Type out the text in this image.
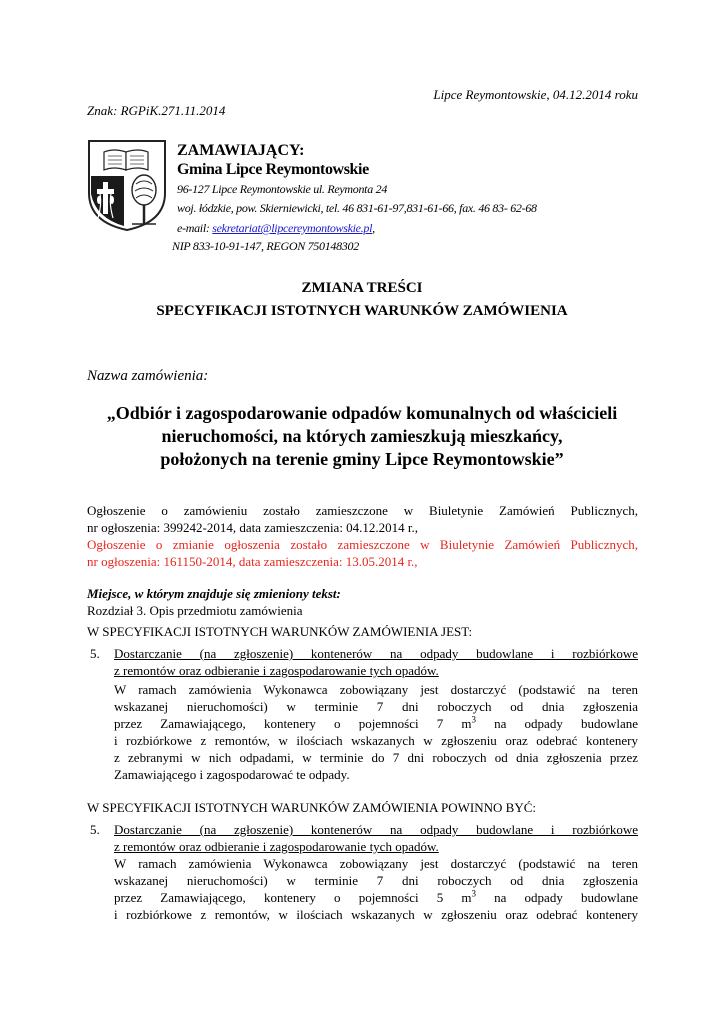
Lipce Reymontowskie, 04.12.2014 roku
Znak: RGPiK.271.11.2014
ZAMAWIAJĄCY:
Gmina Lipce Reymontowskie
96-127 Lipce Reymontowskie ul. Reymonta 24
woj. łódzkie, pow. Skierniewicki, tel. 46 831-61-97,831-61-66, fax. 46 83- 62-68
e-mail: sekretariat@lipcereymontowskie.pl,
NIP 833-10-91-147, REGON 750148302
ZMIANA TREŚCI
SPECYFIKACJI ISTOTNYCH WARUNKÓW ZAMÓWIENIA
Nazwa zamówienia:
„Odbiór i zagospodarowanie odpadów komunalnych od właścicieli
nieruchomości, na których zamieszkują mieszkańcy,
położonych na terenie gminy Lipce Reymontowskie”
Ogłoszenie o zamówieniu zostało zamieszczone w Biuletynie Zamówień Publicznych,
nr ogłoszenia: 399242-2014, data zamieszczenia: 04.12.2014 r.,
Ogłoszenie o zmianie ogłoszenia zostało zamieszczone w Biuletynie Zamówień Publicznych,
nr ogłoszenia: 161150-2014, data zamieszczenia: 13.05.2014 r.,
Miejsce, w którym znajduje się zmieniony tekst:
Rozdział 3. Opis przedmiotu zamówienia
W SPECYFIKACJI ISTOTNYCH WARUNKÓW ZAMÓWIENIA JEST:
5. Dostarczanie (na zgłoszenie) kontenerów na odpady budowlane i rozbiórkowe
z remontów oraz odbieranie i zagospodarowanie tych opadów.
W ramach zamówienia Wykonawca zobowiązany jest dostarczyć (podstawić na teren
wskazanej nieruchomości) w terminie 7 dni roboczych od dnia zgłoszenia
przez Zamawiającego, kontenery o pojemności 7 $m^3$ na odpady budowlane
i rozbiórkowe z remontów, w ilościach wskazanych w zgłoszeniu oraz odebrać kontenery
z zebranymi w nich odpadami, w terminie do 7 dni roboczych od dnia zgłoszenia przez
Zamawiającego i zagospodarować te odpady.
W SPECYFIKACJI ISTOTNYCH WARUNKÓW ZAMÓWIENIA POWINNO BYĆ:
5. Dostarczanie (na zgłoszenie) kontenerów na odpady budowlane i rozbiórkowe
z remontów oraz odbieranie i zagospodarowanie tych opadów.
W ramach zamówienia Wykonawca zobowiązany jest dostarczyć (podstawić na teren
wskazanej nieruchomości) w terminie 7 dni roboczych od dnia zgłoszenia
przez Zamawiającego, kontenery o pojemności 5 $m^3$ na odpady budowlane
i rozbiórkowe z remontów, w ilościach wskazanych w zgłoszeniu oraz odebrać kontenery
